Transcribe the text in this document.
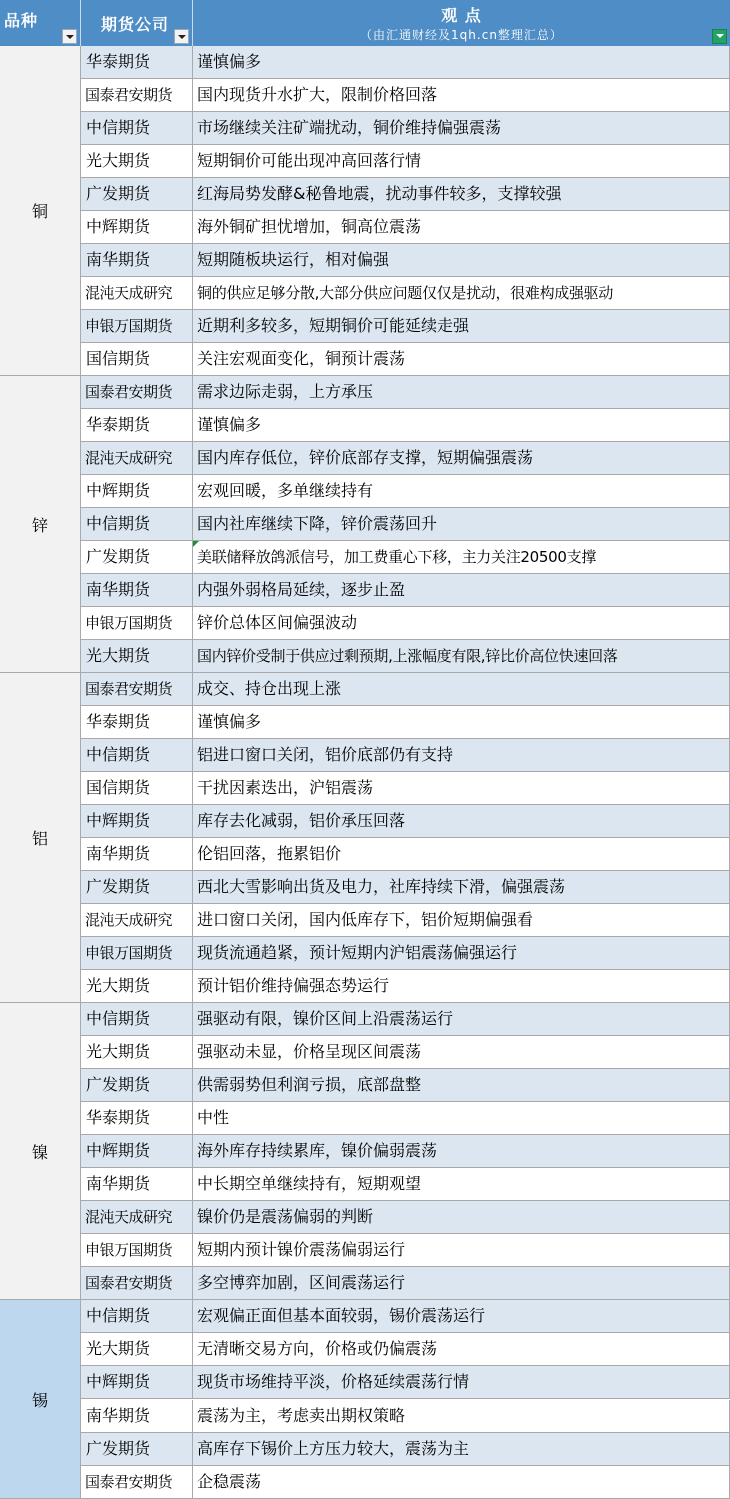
品种	期货公司	观 点
（由汇通财经及1qh.cn整理汇总）
铜
华泰期货	谨慎偏多
国泰君安期货	国内现货升水扩大，限制价格回落
中信期货	市场继续关注矿端扰动，铜价维持偏强震荡
光大期货	短期铜价可能出现冲高回落行情
广发期货	红海局势发酵&秘鲁地震，扰动事件较多，支撑较强
中辉期货	海外铜矿担忧增加，铜高位震荡
南华期货	短期随板块运行，相对偏强
混沌天成研究	铜的供应足够分散,大部分供应问题仅仅是扰动，很难构成强驱动
申银万国期货	近期利多较多，短期铜价可能延续走强
国信期货	关注宏观面变化，铜预计震荡
锌
国泰君安期货	需求边际走弱，上方承压
华泰期货	谨慎偏多
混沌天成研究	国内库存低位，锌价底部存支撑，短期偏强震荡
中辉期货	宏观回暖，多单继续持有
中信期货	国内社库继续下降，锌价震荡回升
广发期货	美联储释放鸽派信号，加工费重心下移，主力关注20500支撑
南华期货	内强外弱格局延续，逐步止盈
申银万国期货	锌价总体区间偏强波动
光大期货	国内锌价受制于供应过剩预期,上涨幅度有限,锌比价高位快速回落
铝
国泰君安期货	成交、持仓出现上涨
华泰期货	谨慎偏多
中信期货	铝进口窗口关闭，铝价底部仍有支持
国信期货	干扰因素迭出，沪铝震荡
中辉期货	库存去化减弱，铝价承压回落
南华期货	伦铝回落，拖累铝价
广发期货	西北大雪影响出货及电力，社库持续下滑，偏强震荡
混沌天成研究	进口窗口关闭，国内低库存下，铝价短期偏强看
申银万国期货	现货流通趋紧，预计短期内沪铝震荡偏强运行
光大期货	预计铝价维持偏强态势运行
镍
中信期货	强驱动有限，镍价区间上沿震荡运行
光大期货	强驱动未显，价格呈现区间震荡
广发期货	供需弱势但利润亏损，底部盘整
华泰期货	中性
中辉期货	海外库存持续累库，镍价偏弱震荡
南华期货	中长期空单继续持有，短期观望
混沌天成研究	镍价仍是震荡偏弱的判断
申银万国期货	短期内预计镍价震荡偏弱运行
国泰君安期货	多空博弈加剧，区间震荡运行
锡
中信期货	宏观偏正面但基本面较弱，锡价震荡运行
光大期货	无清晰交易方向，价格或仍偏震荡
中辉期货	现货市场维持平淡，价格延续震荡行情
南华期货	震荡为主，考虑卖出期权策略
广发期货	高库存下锡价上方压力较大，震荡为主
国泰君安期货	企稳震荡
